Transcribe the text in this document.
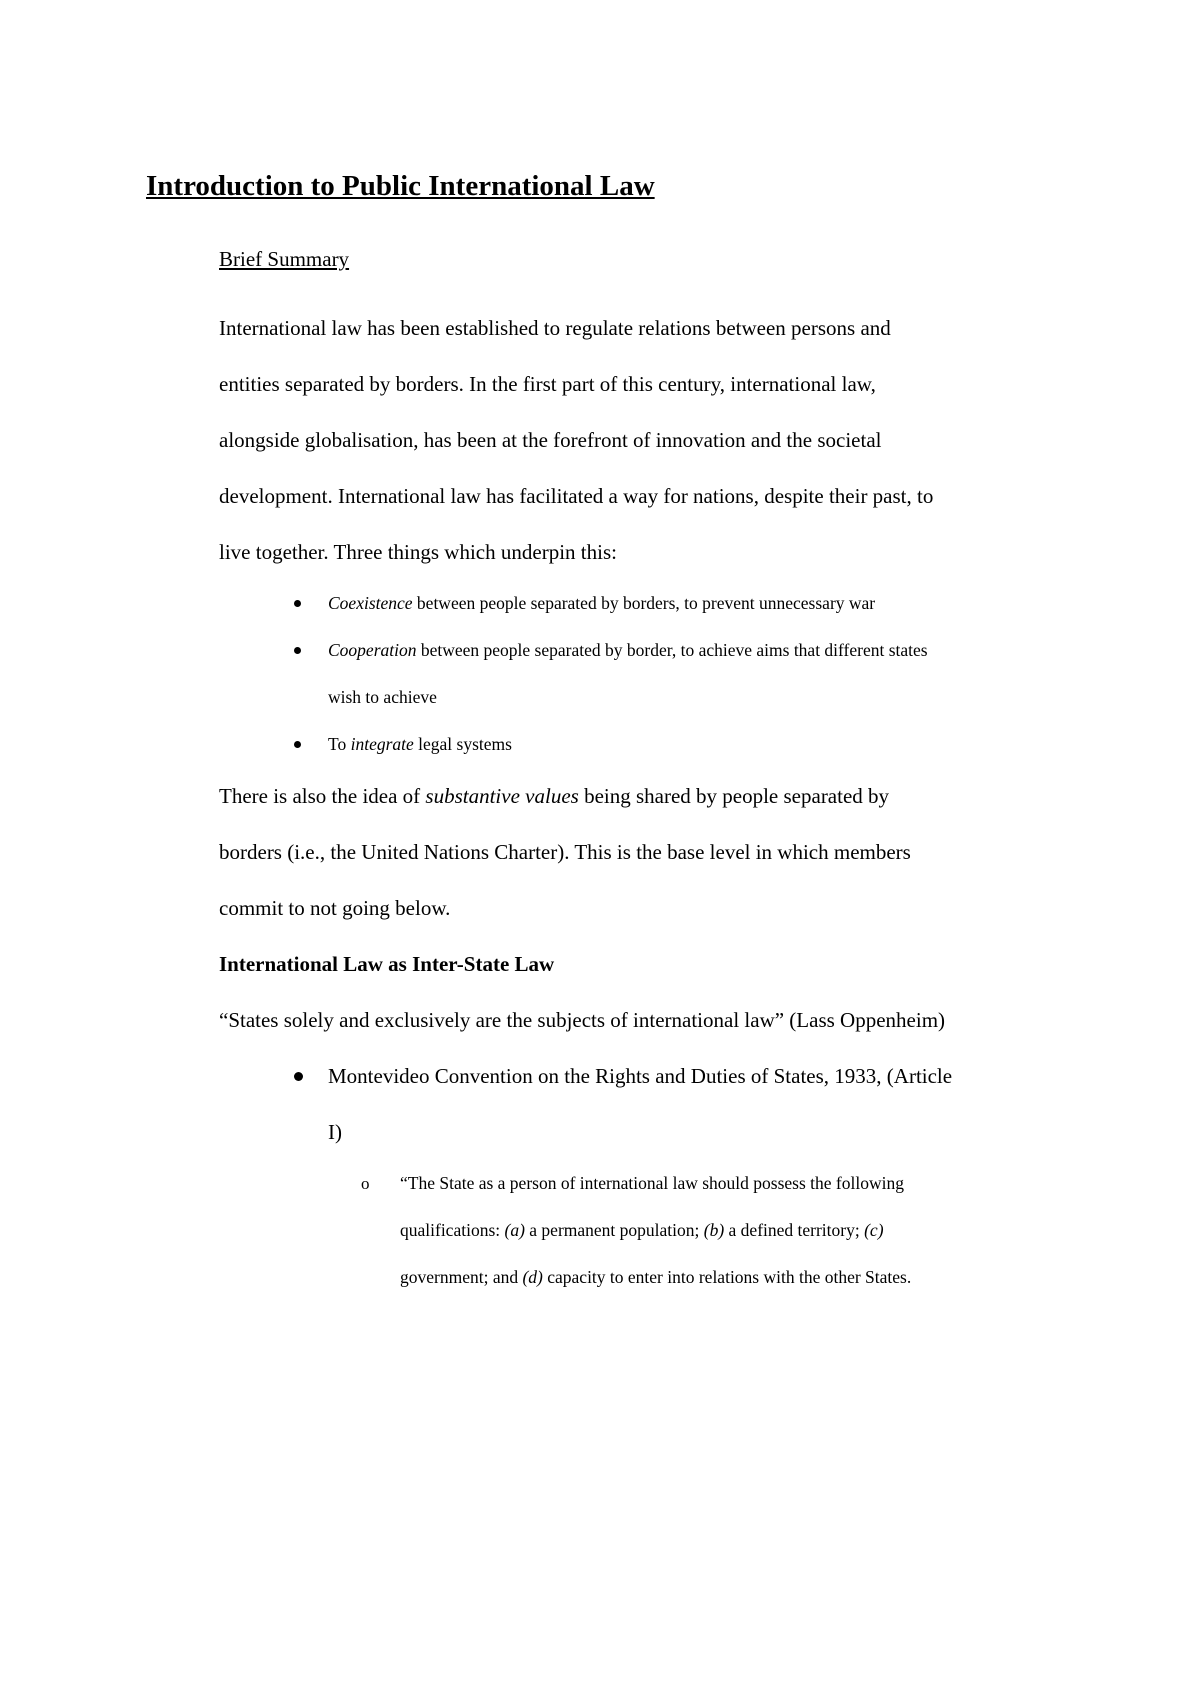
Introduction to Public International Law
Brief Summary

International law has been established to regulate relations between persons and
entities separated by borders. In the first part of this century, international law,
alongside globalisation, has been at the forefront of innovation and the societal
development. International law has facilitated a way for nations, despite their past, to
live together. Three things which underpin this:

Coexistence between people separated by borders, to prevent unnecessary war
Cooperation between people separated by border, to achieve aims that different states
wish to achieve
To integrate legal systems

There is also the idea of substantive values being shared by people separated by
borders (i.e., the United Nations Charter). This is the base level in which members
commit to not going below.

International Law as Inter-State Law

“States solely and exclusively are the subjects of international law” (Lass Oppenheim)

Montevideo Convention on the Rights and Duties of States, 1933, (Article
I)
o “The State as a person of international law should possess the following
qualifications: (a) a permanent population; (b) a defined territory; (c)
government; and (d) capacity to enter into relations with the other States.
